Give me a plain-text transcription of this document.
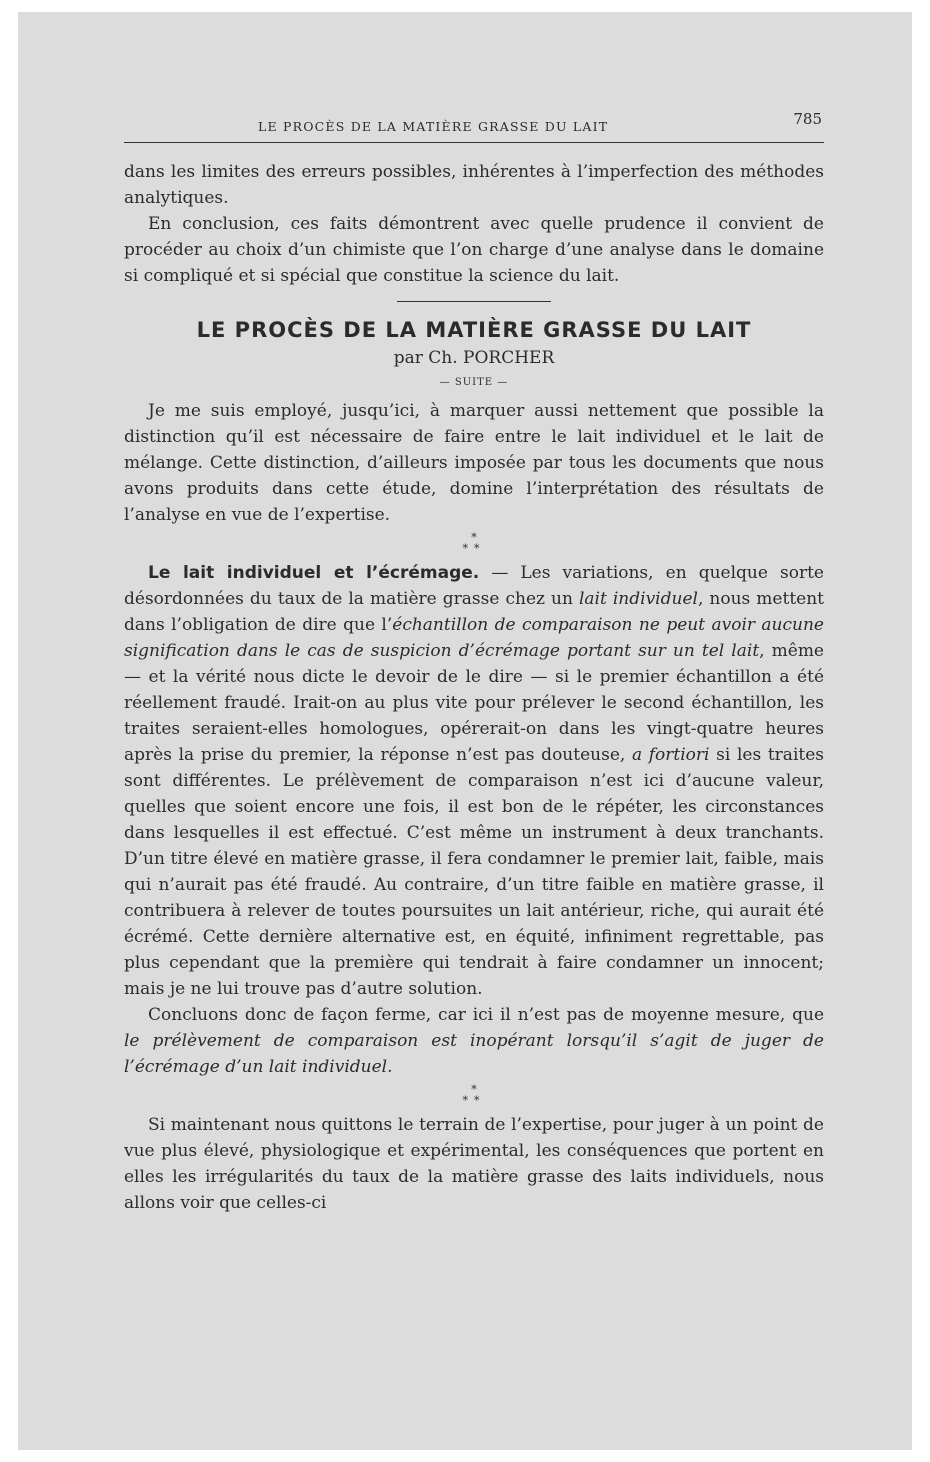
LE PROCÈS DE LA MATIÈRE GRASSE DU LAIT	785

dans les limites des erreurs possibles, inhérentes à l’imperfection des méthodes analytiques.

En conclusion, ces faits démontrent avec quelle prudence il convient de procéder au choix d’un chimiste que l’on charge d’une analyse dans le domaine si compliqué et si spécial que constitue la science du lait.

LE PROCÈS DE LA MATIÈRE GRASSE DU LAIT
par Ch. PORCHER
— SUITE —

Je me suis employé, jusqu’ici, à marquer aussi nettement que possible la distinction qu’il est nécessaire de faire entre le lait individuel et le lait de mélange. Cette distinction, d’ailleurs imposée par tous les documents que nous avons produits dans cette étude, domine l’interprétation des résultats de l’analyse en vue de l’expertise.

*
**

Le lait individuel et l’écrémage. — Les variations, en quelque sorte désordonnées du taux de la matière grasse chez un lait individuel, nous mettent dans l’obligation de dire que l’échantillon de comparaison ne peut avoir aucune signification dans le cas de suspicion d’écrémage portant sur un tel lait, même — et la vérité nous dicte le devoir de le dire — si le premier échantillon a été réellement fraudé. Irait-on au plus vite pour prélever le second échantillon, les traites seraient-elles homologues, opérerait-on dans les vingt-quatre heures après la prise du premier, la réponse n’est pas douteuse, a fortiori si les traites sont différentes. Le prélèvement de comparaison n’est ici d’aucune valeur, quelles que soient encore une fois, il est bon de le répéter, les circonstances dans lesquelles il est effectué. C’est même un instrument à deux tranchants. D’un titre élevé en matière grasse, il fera condamner le premier lait, faible, mais qui n’aurait pas été fraudé. Au contraire, d’un titre faible en matière grasse, il contribuera à relever de toutes poursuites un lait antérieur, riche, qui aurait été écrémé. Cette dernière alternative est, en équité, infiniment regrettable, pas plus cependant que la première qui tendrait à faire condamner un innocent; mais je ne lui trouve pas d’autre solution.

Concluons donc de façon ferme, car ici il n’est pas de moyenne mesure, que le prélèvement de comparaison est inopérant lorsqu’il s’agit de juger de l’écrémage d’un lait individuel.

*
**

Si maintenant nous quittons le terrain de l’expertise, pour juger à un point de vue plus élevé, physiologique et expérimental, les conséquences que portent en elles les irrégularités du taux de la matière grasse des laits individuels, nous allons voir que celles-ci
